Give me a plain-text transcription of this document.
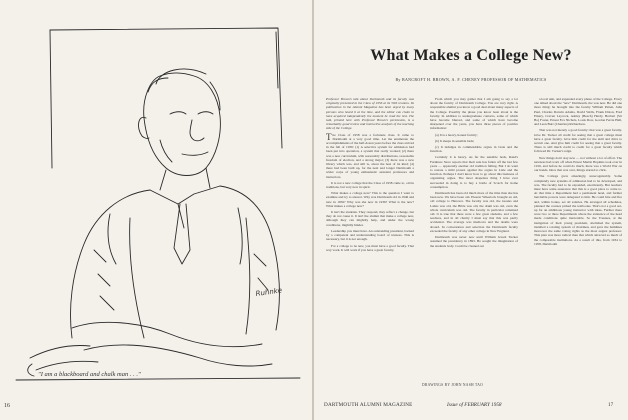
Ruhnke
"I am a blackboard and chalk man . . ."
16
What Makes a College New?
By BANCROFT H. BROWN, A. F. CHENEY PROFESSOR OF MATHEMATICS

Professor Brown's talk about Dartmouth and its faculty was originally presented to the Class of 1956 at its 50th reunion. Its publication in the Alumni Magazine has been urged by many persons who heard it at the time, and the editor can claim to have acquired independently the moment he read the text. The talk, printed here with Professor Brown's permission, is a remarkably good review and instructive analysis of the teaching side of the College.

The Class of 1958 was a fortunate class. It came to Dartmouth at a very good time. Let me enumerate the accomplishments of the half-dozen years before the class arrived in the fall of 1936: (1) A selective system for admission had been put into operation, a system that really worked; (2) there was a new curriculum, with reasonably distributions, reasonable freedom of election, and a strong major; (3) there was a new library which was, and still is, about the best of its kind; (4) there had been built up, for the next and longer Dartmouth a wider corps of young enthusiastic assistant professors and instructors.

It is not a new college that the Class of 1958 came to, old in traditions, but very new in spirit.

What makes a college new? This is the question I want to examine and try to answer. Why was Dartmouth old in 1946 and new in 1956? Why was she new in 1936? What is the new? What makes a college new?

It isn't the students. They respond, they reflect a change, but they do not cause it. It isn't the alumni that make a college new, although they can mightily help, and under the wrong conditions, mightily hinder.

Leadership you must have. An outstanding president, backed by a competent and understanding board of trustees. This is necessary, but it is not enough.

For a college to be new, you must have a good faculty. That way work. It will work if you have a great faculty.

From which you may gather that I am going to say a lot about the faculty of Dartmouth College. You are very right. A responsible alumni you know a good deal about many aspects of the College. Possibly the phase you know least about is the faculty. In addition to undergraduate contacts, some of which have become blurred, and some of which have become sharpened over the years, you have three pieces of positive information:

(a) It is a heavy, honest faculty;

(b) It sleeps in sensible beds;

(c) It indulges in commendable orgies in Lisle and the Junction.

Certainly it is heavy. As far the sensible beds, Rand's Furniture Store reports that their sale has fallen off the last few years — apparently another old tradition falling. But I do want to restate a mild protest against the orgies in Lisle and the Junction. Perhaps I don't know how to go about this business of organizing orgies. The most shapeless thing I have ever succeeded in doing is to buy a bottle of Scotch for home consumption.

Dartmouth has been old much more of the time than she has been new. We have been old. Eleazar Wheelock brought an old, old college to Hanover. The faculty was old, the Greeks and Latins was old, the Bible was old, the drum was old, even the whole curriculum was old. The faculty in particular remained old. It is true that there were a few great students, and a few teachers, and in all charity I must say that this was partly accidental. The average was mediocre and the deaths were aboard. In conversation and selection the Dartmouth faculty exceeded the faculty of any other college in New England.

Dartmouth was never new until William Jewett Tucker assumed the presidency in 1893. He sought the imagination of the students body. Could be cleaned out

a local unit, and expanded every phase of the College. Every one talked about the "new" Dartmouth, the was new. He did one more thing: he brought into the faculty William Patten, John Paul, Charles Darwin Adams, David Wells, Frank Dixon, Fred Emery, Craven Laycock, Ashley (Beech) Hardy, Herbert (Sir Bo) Foster, Ernest Fox Nichols, Louis Dow, Gordon Ferrie Hull, and Leon Burr (Cherrius) Richardson.

That was not merely a good faculty: that was a great faculty. Give Dr. Tucker all credit for seeing that a great college must have a great faculty. Give him credit for the skill and drive to recruit one. And give him credit for seeing that a great faculty. There is still much credit to credit for a great faculty which followed Dr. Tucker's reign.

New things don't stay new — not without a lot of effort. The newness had worn off when Ernest Martin Hopkins took over in 1916, and before he could do much, there was a World War on our hands. Once that was over, things started to click.

The College grew amazingly, unrecognizably. Some completely new systems of admission had to be developed, and was. The faculty had to be expanded, enormously. But teachers must have some assurance that this is a good place to come to. At that time a Department had a permanent head, and further inevitable powers were delegated to him. He could hire and fire and, within bonus, set all salaries. He arranged all schedules, planned the courses picked the textbooks. That's not a good set-up for an ambitious young instructor with ideas. Further there were two or three Departments where the existence of the head made conditions quite intolerable. So the Trustees, at the instigation of their young president, abolished the system, installed a rotating system of chairmen, and gave the hamlines moreover the same voting rights as the most august professor. This plan was more radical than that which attracted so much of the comparable institutions. As a result of this, from 1934 to 1958, Dartmouth

DRAWINGS BY JOHN NASH TAO
DARTMOUTH ALUMNI MAGAZINE	Issue of FEBRUARY 1958	17
